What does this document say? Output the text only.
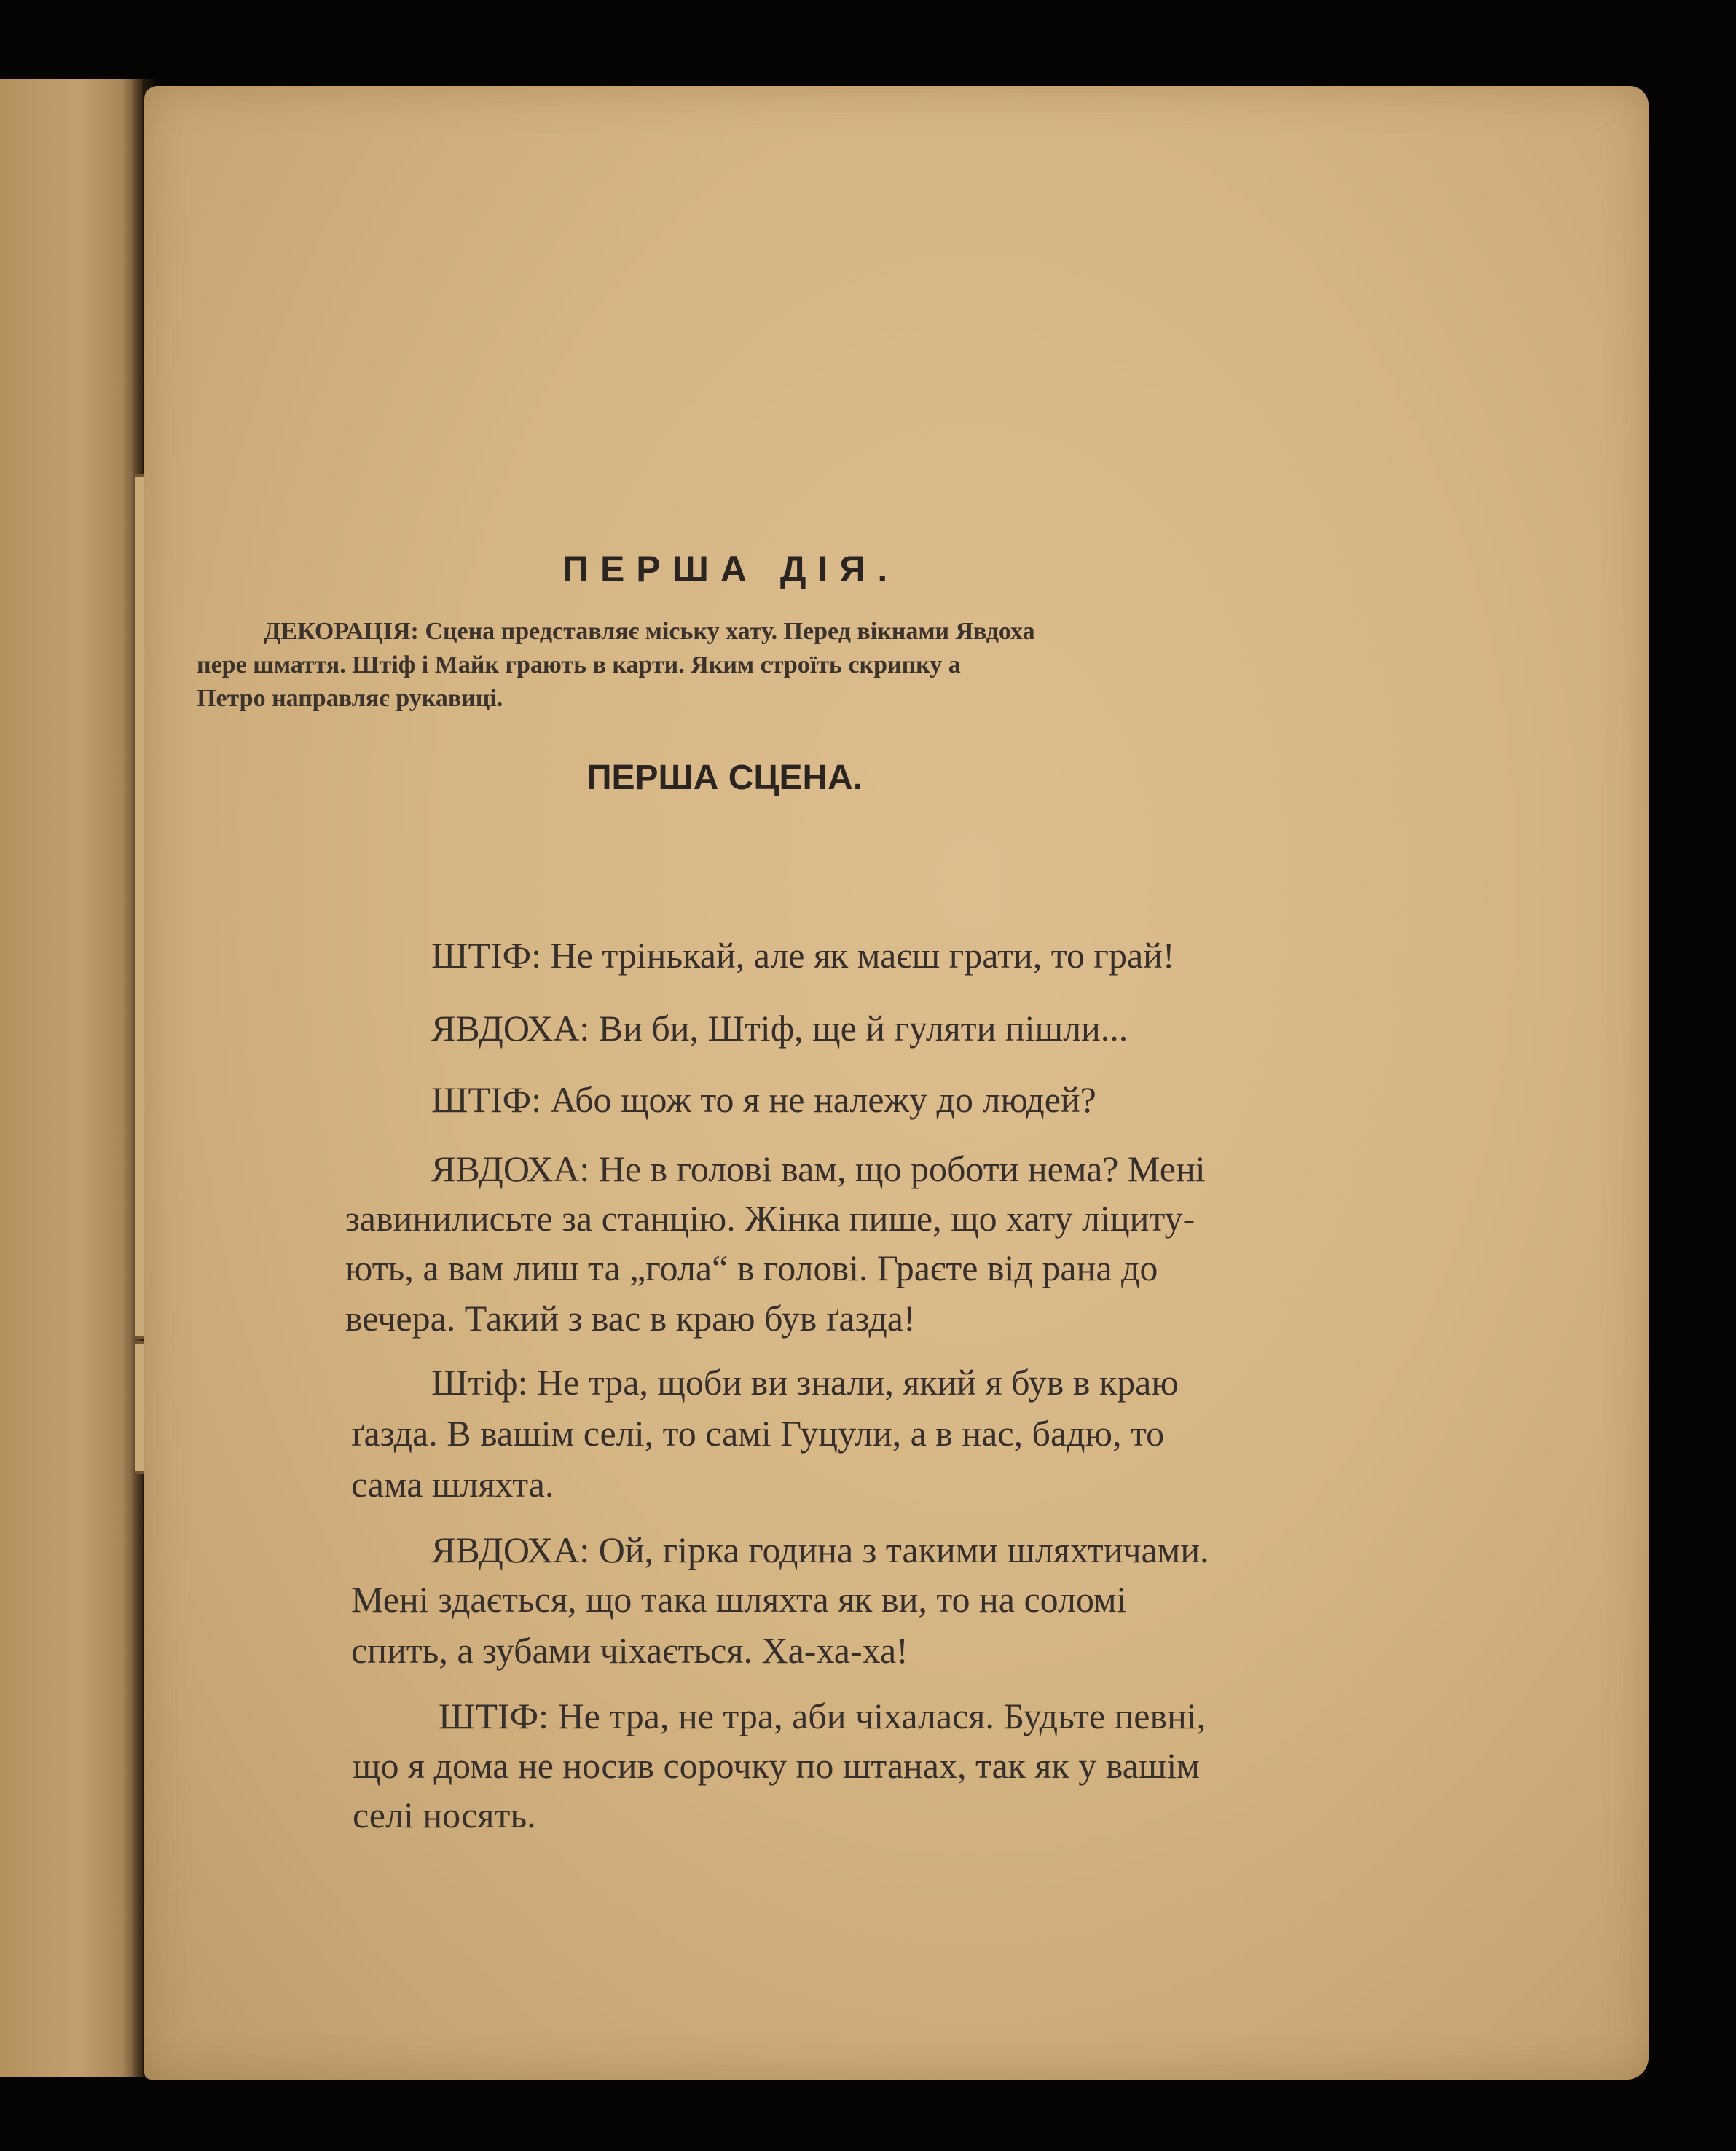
ПЕРША ДІЯ.
ДЕКОРАЦІЯ: Сцена представляє міську хату. Перед вікнами Явдоха
пере шмаття. Штіф і Майк грають в карти. Яким строїть скрипку а
Петро направляє рукавиці.
ПЕРША СЦЕНА.
ШТІФ: Не трінькай, але як маєш грати, то грай!
ЯВДОХА: Ви би, Штіф, ще й гуляти пішли...
ШТІФ: Або щож то я не належу до людей?
ЯВДОХА: Не в голові вам, що роботи нема? Мені
завинилисьте за станцію. Жінка пише, що хату ліциту-
ють, а вам лиш та „гола“ в голові. Граєте від рана до
вечера. Такий з вас в краю був ґазда!
Штіф: Не тра, щоби ви знали, який я був в краю
ґазда. В вашім селі, то самі Гуцули, а в нас, бадю, то
сама шляхта.
ЯВДОХА: Ой, гірка година з такими шляхтичами.
Мені здається, що така шляхта як ви, то на соломі
спить, а зубами чіхається. Ха-ха-ха!
ШТІФ: Не тра, не тра, аби чіхалася. Будьте певні,
що я дома не носив сорочку по штанах, так як у вашім
селі носять.
